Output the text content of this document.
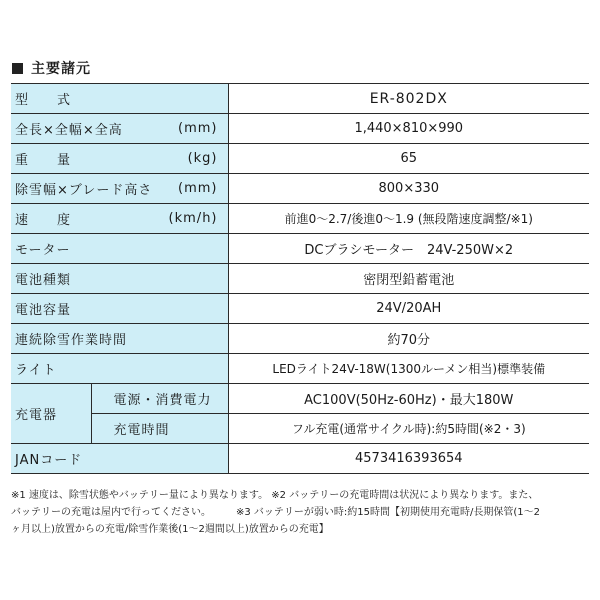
主要諸元
型　　式		ER-802DX

全長×全幅×全高 (mm)		1,440×810×990

重　　量 (kg)		65

除雪幅×ブレード高さ (mm)		800×330

速　　度 (km/h)		前進0〜2.7/後進0〜1.9 (無段階速度調整/※1)

モーター		DCブラシモーター　24V-250W×2

電池種類		密閉型鉛蓄電池

電池容量		24V/20AH

連続除雪作業時間		約70分

ライト		LEDライト24V-18W(1300ルーメン相当)標準装備
充電器	電源・消費電力	AC100V(50Hz-60Hz)・最大180W
	充電時間	フル充電(通常サイクル時):約5時間(※2・3)
JANコード		4573416393654
※1 速度は、除雪状態やバッテリー量により異なります。 ※2 バッテリーの充電時間は状況により異なります。また、
バッテリーの充電は屋内で行ってください。　　　※3 バッテリーが弱い時:約15時間【初期使用充電時/長期保管(1〜2
ヶ月以上)放置からの充電/除雪作業後(1〜2週間以上)放置からの充電】
